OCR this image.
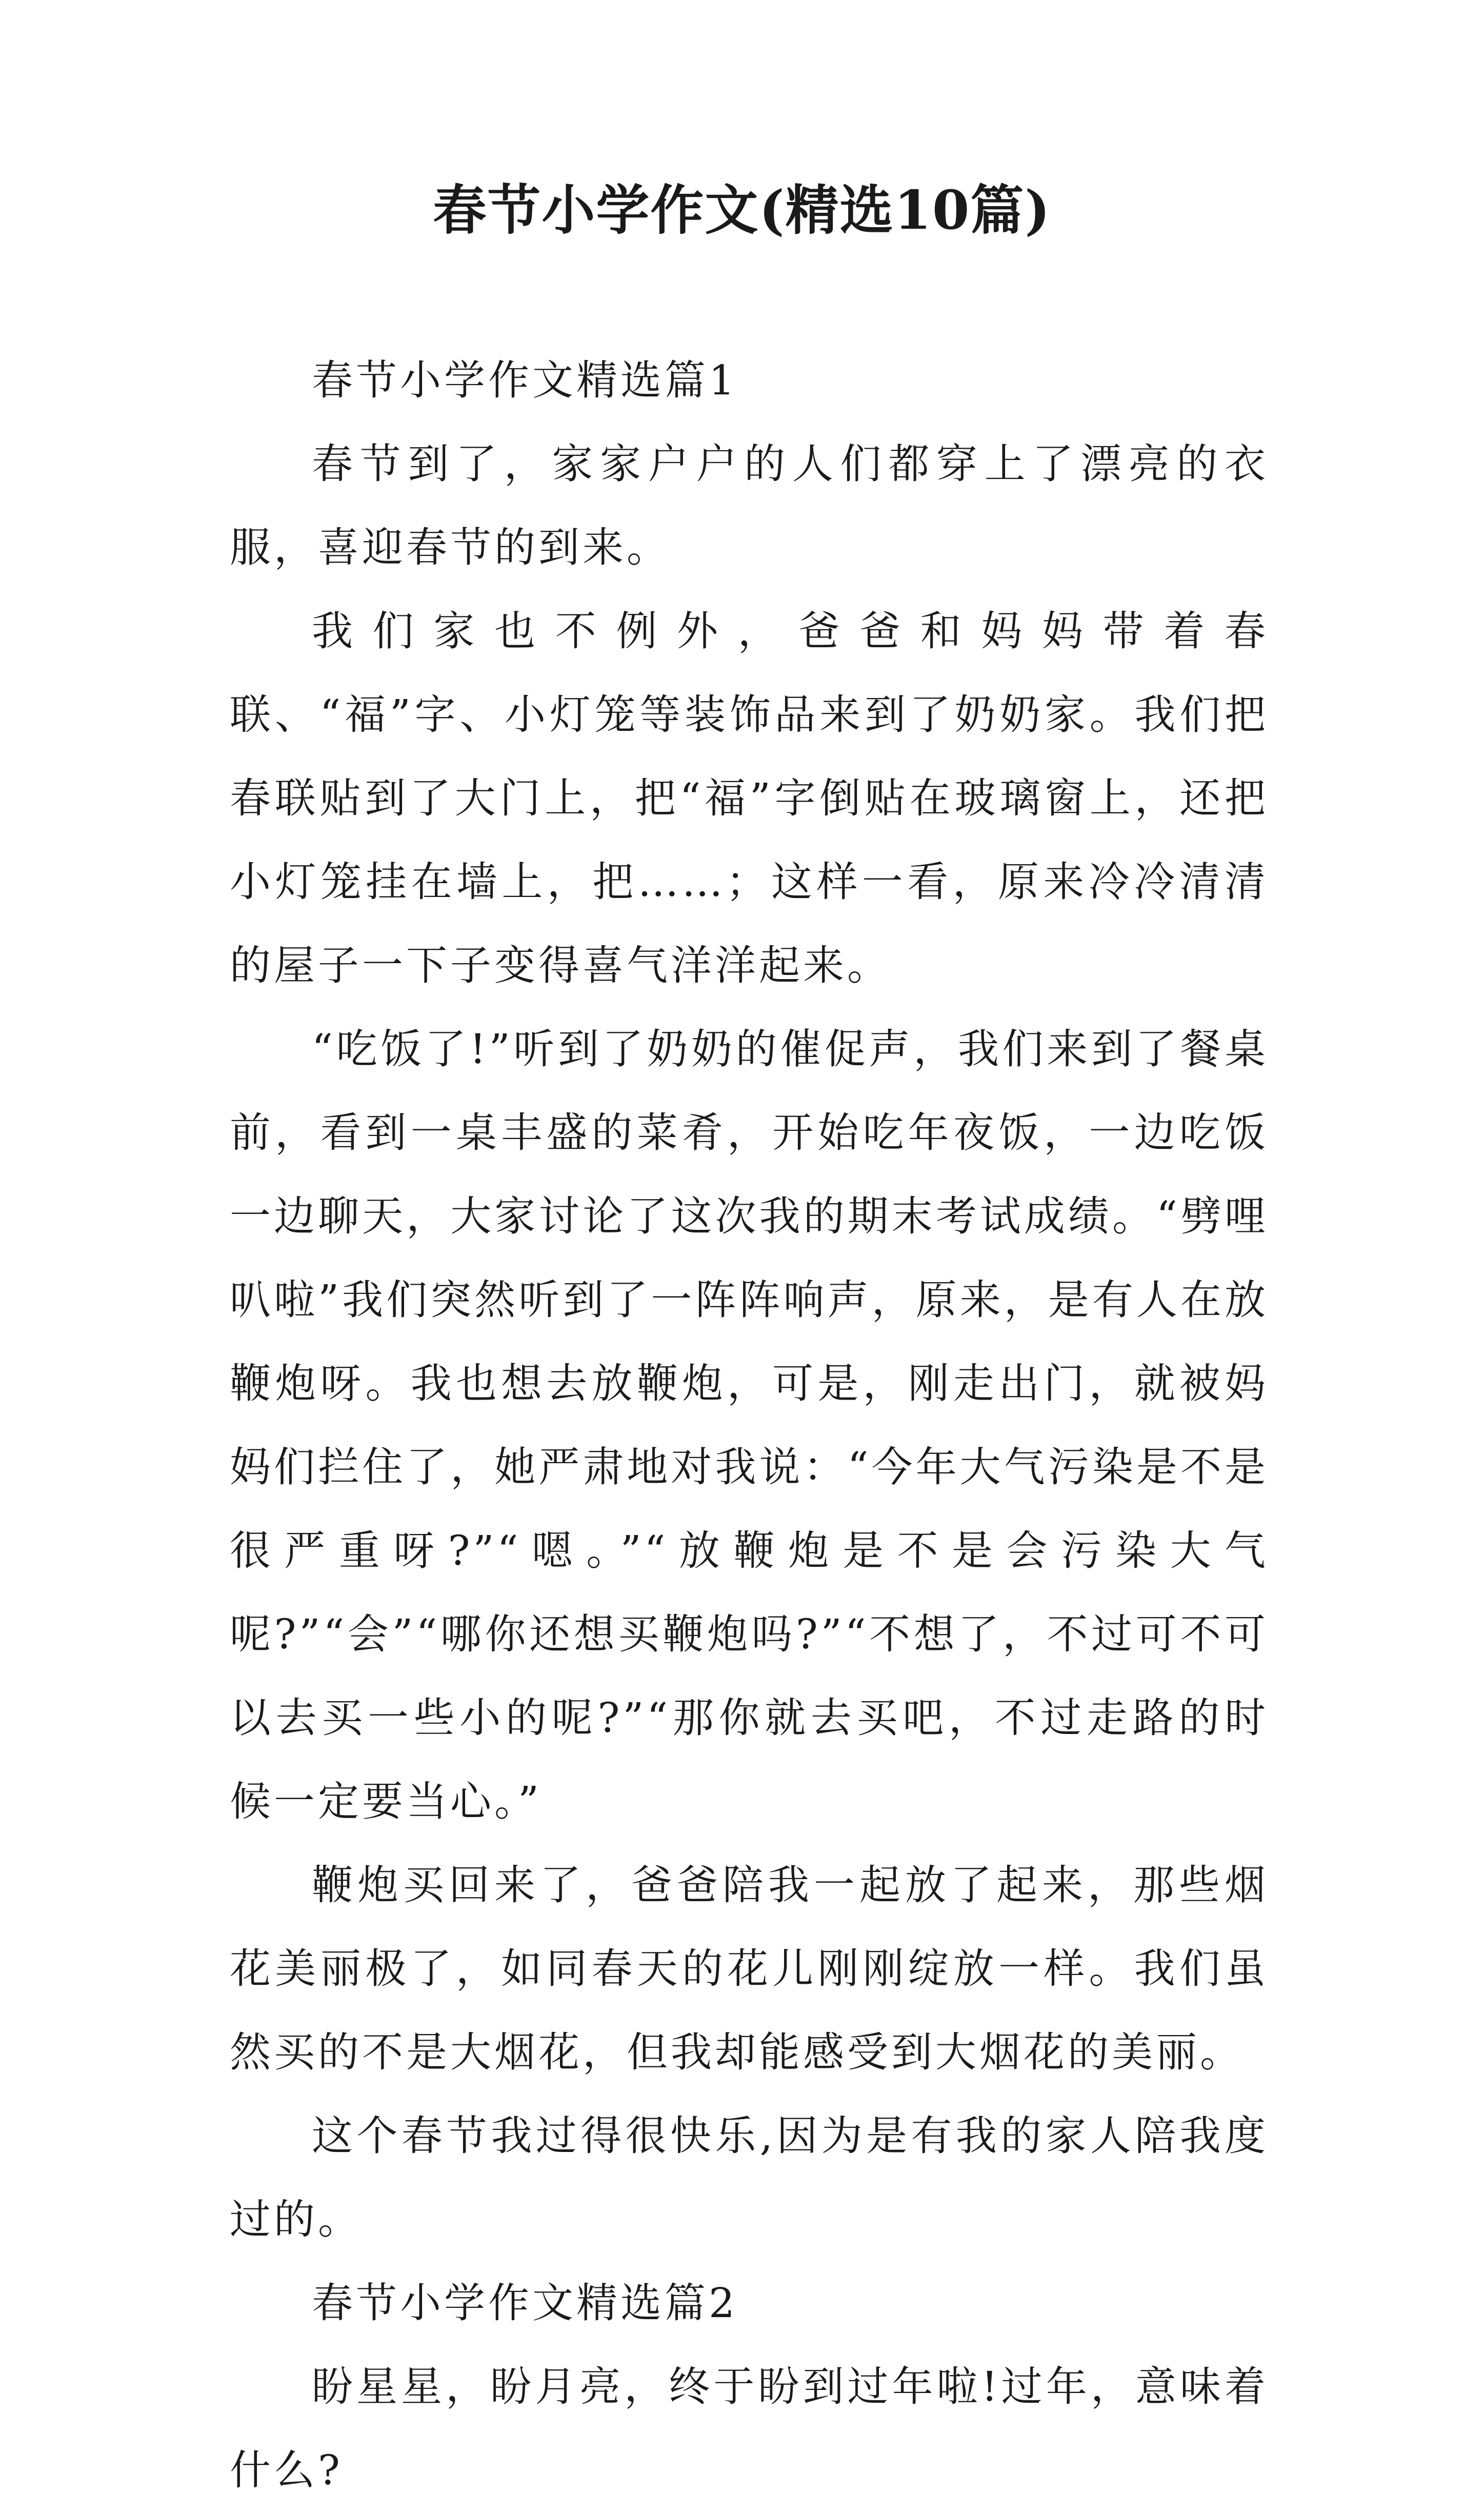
春节小学作文(精选10篇)

春节小学作文精选篇1

春节到了，家家户户的人们都穿上了漂亮的衣服，喜迎春节的到来。

我们家也不例外，爸爸和妈妈带着春联、“福”字、小灯笼等装饰品来到了奶奶家。我们把春联贴到了大门上，把“福”字倒贴在玻璃窗上，还把小灯笼挂在墙上，把……；这样一看，原来冷冷清清的屋子一下子变得喜气洋洋起来。

“吃饭了!”听到了奶奶的催促声，我们来到了餐桌前，看到一桌丰盛的菜肴，开始吃年夜饭，一边吃饭一边聊天，大家讨论了这次我的期末考试成绩。“劈哩叭啦”我们突然听到了一阵阵响声，原来，是有人在放鞭炮呀。我也想去放鞭炮，可是，刚走出门，就被妈妈们拦住了，她严肃地对我说：“今年大气污染是不是很严重呀?”“嗯。”“放鞭炮是不是会污染大气呢?”“会”“哪你还想买鞭炮吗?”“不想了，不过可不可以去买一些小的呢?”“那你就去买吧，不过走路的时候一定要当心。”

鞭炮买回来了，爸爸陪我一起放了起来，那些烟花美丽极了，如同春天的花儿刚刚绽放一样。我们虽然买的不是大烟花，但我却能感受到大烟花的美丽。

这个春节我过得很快乐,因为是有我的家人陪我度过的。

春节小学作文精选篇2

盼星星，盼月亮，终于盼到过年啦!过年，意味着什么?
